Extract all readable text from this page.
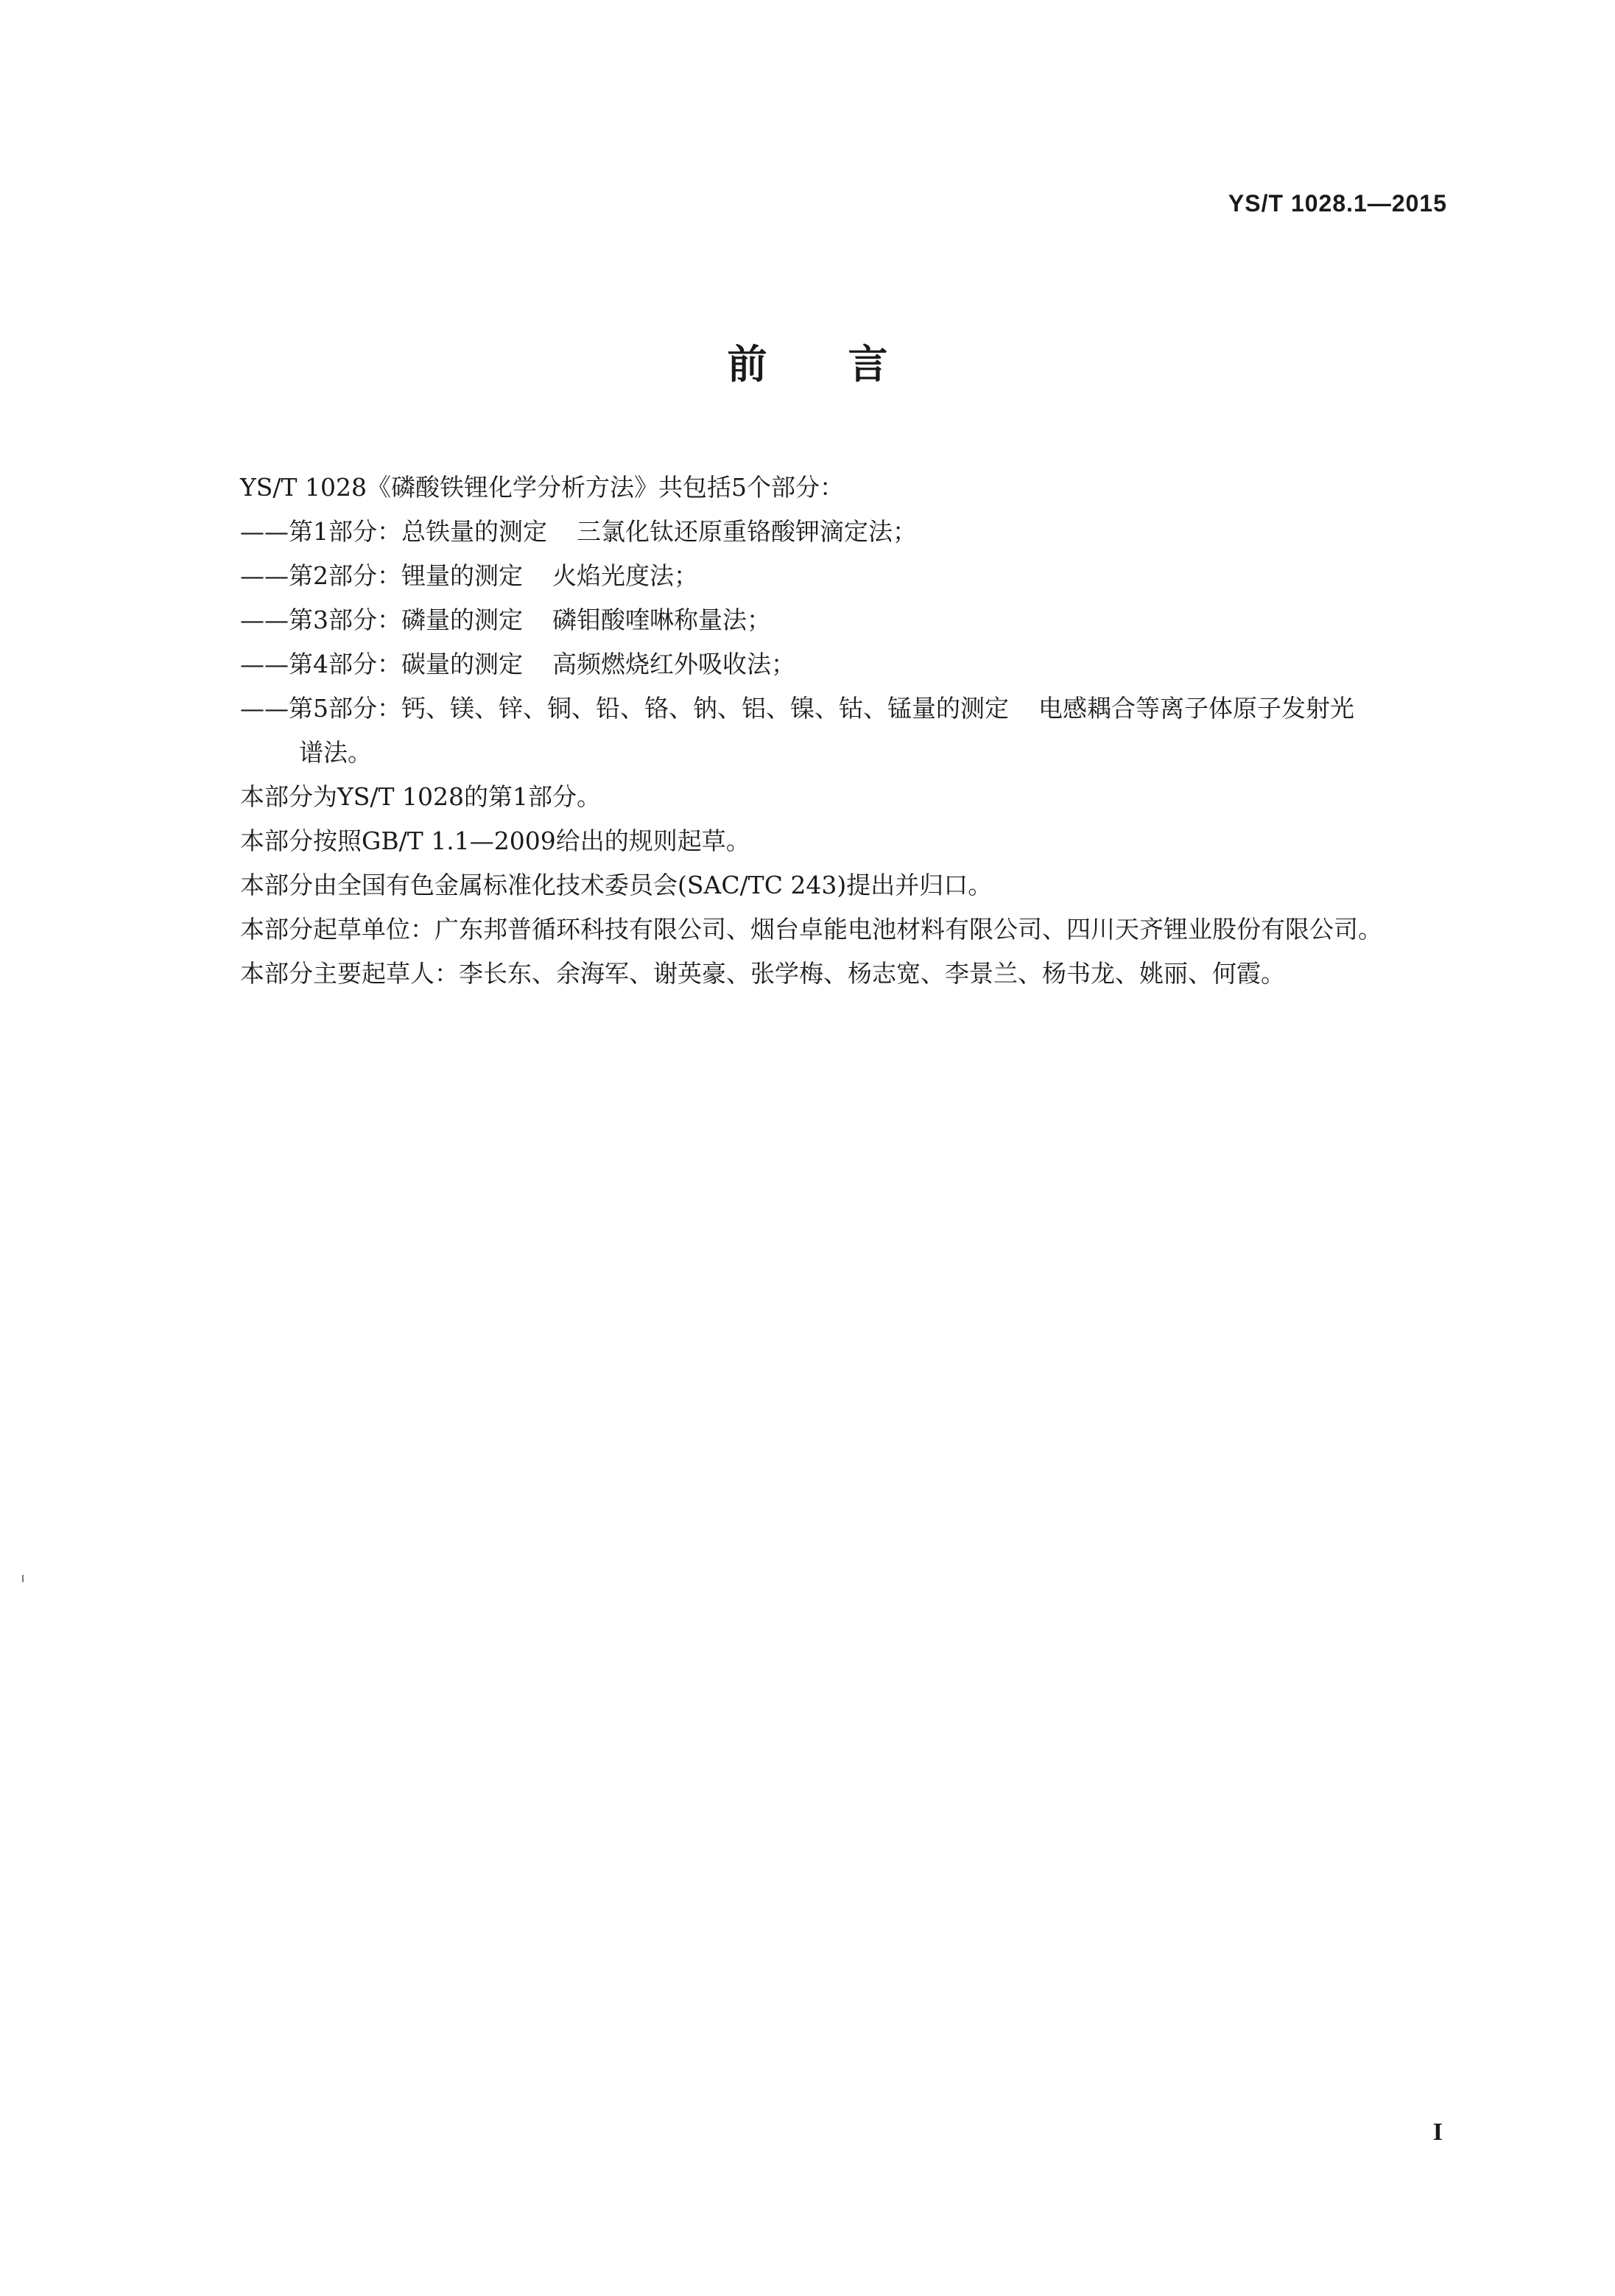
YS/T 1028.1—2015
前言

YS/T 1028《磷酸铁锂化学分析方法》共包括5个部分：

——第1部分：总铁量的测定 三氯化钛还原重铬酸钾滴定法；

——第2部分：锂量的测定 火焰光度法；

——第3部分：磷量的测定 磷钼酸喹啉称量法；

——第4部分：碳量的测定 高频燃烧红外吸收法；

——第5部分：钙、镁、锌、铜、铅、铬、钠、铝、镍、钴、锰量的测定 电感耦合等离子体原子发射光

谱法。

本部分为YS/T 1028的第1部分。

本部分按照GB/T 1.1—2009给出的规则起草。

本部分由全国有色金属标准化技术委员会(SAC/TC 243)提出并归口。

本部分起草单位：广东邦普循环科技有限公司、烟台卓能电池材料有限公司、四川天齐锂业股份有限公司。

本部分主要起草人：李长东、余海军、谢英豪、张学梅、杨志宽、李景兰、杨书龙、姚丽、何霞。

I
